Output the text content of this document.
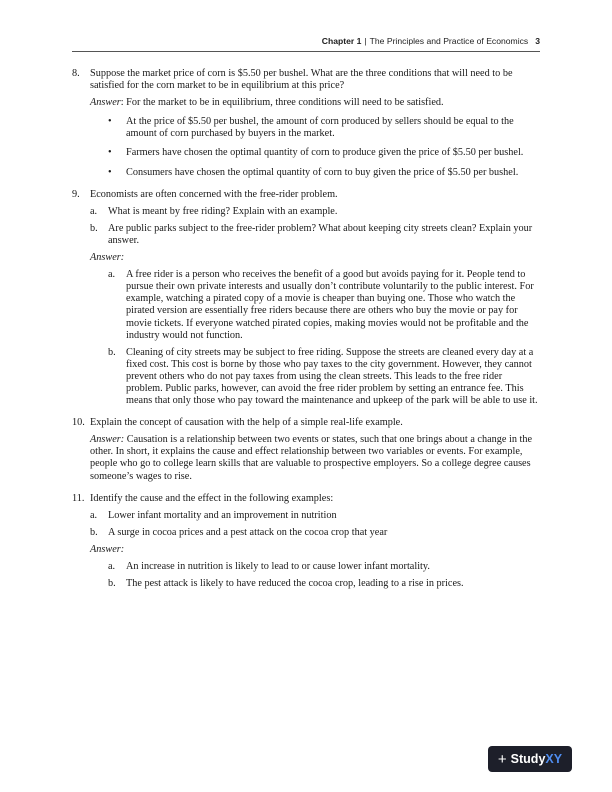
Chapter 1 | The Principles and Practice of Economics 3
8. Suppose the market price of corn is $5.50 per bushel. What are the three conditions that will need to be satisfied for the corn market to be in equilibrium at this price?
Answer: For the market to be in equilibrium, three conditions will need to be satisfied.
• At the price of $5.50 per bushel, the amount of corn produced by sellers should be equal to the amount of corn purchased by buyers in the market.
• Farmers have chosen the optimal quantity of corn to produce given the price of $5.50 per bushel.
• Consumers have chosen the optimal quantity of corn to buy given the price of $5.50 per bushel.
9. Economists are often concerned with the free-rider problem.
a. What is meant by free riding? Explain with an example.
b. Are public parks subject to the free-rider problem? What about keeping city streets clean? Explain your answer.
Answer:
a. A free rider is a person who receives the benefit of a good but avoids paying for it. People tend to pursue their own private interests and usually don’t contribute voluntarily to the public interest. For example, watching a pirated copy of a movie is cheaper than buying one. Those who watch the pirated version are essentially free riders because there are others who buy the movie or pay for movie tickets. If everyone watched pirated copies, making movies would not be profitable and the industry would not function.
b. Cleaning of city streets may be subject to free riding. Suppose the streets are cleaned every day at a fixed cost. This cost is borne by those who pay taxes to the city government. However, they cannot prevent others who do not pay taxes from using the clean streets. This leads to the free rider problem. Public parks, however, can avoid the free rider problem by setting an entrance fee. This means that only those who pay toward the maintenance and upkeep of the park will be able to use it.
10. Explain the concept of causation with the help of a simple real-life example.
Answer: Causation is a relationship between two events or states, such that one brings about a change in the other. In short, it explains the cause and effect relationship between two variables or events. For example, people who go to college learn skills that are valuable to prospective employers. So a college degree causes someone’s wages to rise.
11. Identify the cause and the effect in the following examples:
a. Lower infant mortality and an improvement in nutrition
b. A surge in cocoa prices and a pest attack on the cocoa crop that year
Answer:
a. An increase in nutrition is likely to lead to or cause lower infant mortality.
b. The pest attack is likely to have reduced the cocoa crop, leading to a rise in prices.
+ StudyXY
